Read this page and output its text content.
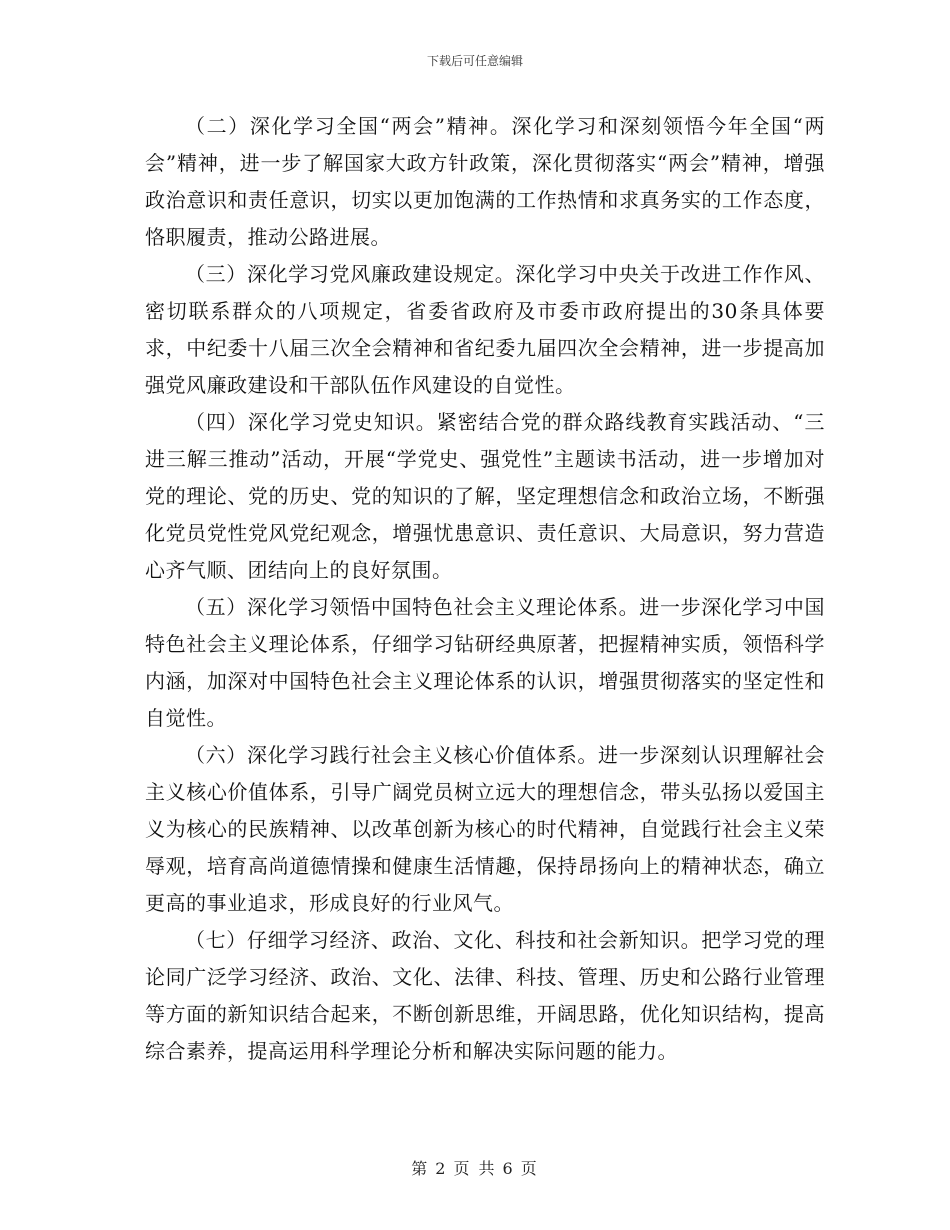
下载后可任意编辑

（二）深化学习全国“两会”精神。深化学习和深刻领悟今年全国“两会”精神，进一步了解国家大政方针政策，深化贯彻落实“两会”精神，增强政治意识和责任意识，切实以更加饱满的工作热情和求真务实的工作态度，恪职履责，推动公路进展。

（三）深化学习党风廉政建设规定。深化学习中央关于改进工作作风、密切联系群众的八项规定，省委省政府及市委市政府提出的30条具体要求，中纪委十八届三次全会精神和省纪委九届四次全会精神，进一步提高加强党风廉政建设和干部队伍作风建设的自觉性。

（四）深化学习党史知识。紧密结合党的群众路线教育实践活动、“三进三解三推动”活动，开展“学党史、强党性”主题读书活动，进一步增加对党的理论、党的历史、党的知识的了解，坚定理想信念和政治立场，不断强化党员党性党风党纪观念，增强忧患意识、责任意识、大局意识，努力营造心齐气顺、团结向上的良好氛围。

（五）深化学习领悟中国特色社会主义理论体系。进一步深化学习中国特色社会主义理论体系，仔细学习钻研经典原著，把握精神实质，领悟科学内涵，加深对中国特色社会主义理论体系的认识，增强贯彻落实的坚定性和自觉性。

（六）深化学习践行社会主义核心价值体系。进一步深刻认识理解社会主义核心价值体系，引导广阔党员树立远大的理想信念，带头弘扬以爱国主义为核心的民族精神、以改革创新为核心的时代精神，自觉践行社会主义荣辱观，培育高尚道德情操和健康生活情趣，保持昂扬向上的精神状态，确立更高的事业追求，形成良好的行业风气。

（七）仔细学习经济、政治、文化、科技和社会新知识。把学习党的理论同广泛学习经济、政治、文化、法律、科技、管理、历史和公路行业管理等方面的新知识结合起来，不断创新思维，开阔思路，优化知识结构，提高综合素养，提高运用科学理论分析和解决实际问题的能力。

第 2 页 共 6 页
